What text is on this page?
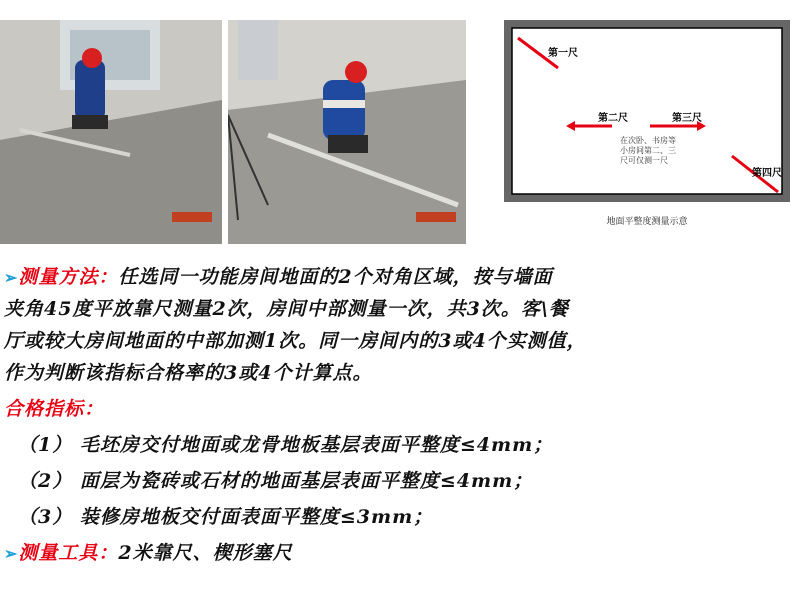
第一尺
第二尺	第三尺
第四尺
在次卧、书房等
小房间第二、三
尺可仅测一尺
地面平整度测量示意
➢测量方法：任选同一功能房间地面的2个对角区域，按与墙面
夹角45度平放靠尺测量2次，房间中部测量一次，共3次。客\餐
厅或较大房间地面的中部加测1次。同一房间内的3或4个实测值，
作为判断该指标合格率的3或4个计算点。
合格指标：
（1） 毛坯房交付地面或龙骨地板基层表面平整度≤4mm；
（2） 面层为瓷砖或石材的地面基层表面平整度≤4mm；
（3） 装修房地板交付面表面平整度≤3mm；
➢测量工具：2米靠尺、楔形塞尺
